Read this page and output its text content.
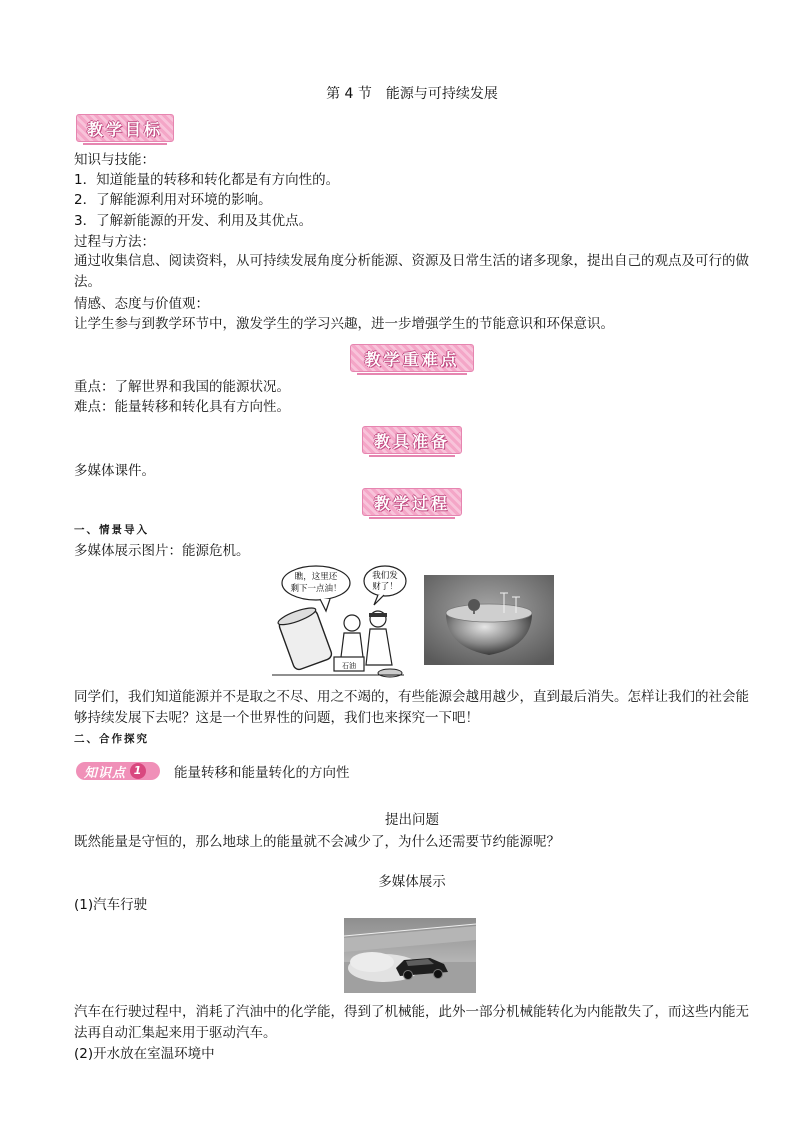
第 4 节　能源与可持续发展
教学目标
知识与技能：
1．知道能量的转移和转化都是有方向性的。
2．了解能源利用对环境的影响。
3．了解新能源的开发、利用及其优点。
过程与方法：
通过收集信息、阅读资料，从可持续发展角度分析能源、资源及日常生活的诸多现象，提出自己的观点及可行的做法。
情感、态度与价值观：
让学生参与到教学环节中，激发学生的学习兴趣，进一步增强学生的节能意识和环保意识。
教学重难点
重点：了解世界和我国的能源状况。
难点：能量转移和转化具有方向性。
教具准备
多媒体课件。
教学过程
一、情景导入
多媒体展示图片：能源危机。
瞧，这里还
剩下一点油！
我们发
财了！
石油
同学们，我们知道能源并不是取之不尽、用之不竭的，有些能源会越用越少，直到最后消失。怎样让我们的社会能够持续发展下去呢？这是一个世界性的问题，我们也来探究一下吧！
二、合作探究
知识点 1 能量转移和能量转化的方向性
提出问题
既然能量是守恒的，那么地球上的能量就不会减少了，为什么还需要节约能源呢？
多媒体展示
(1)汽车行驶
汽车在行驶过程中，消耗了汽油中的化学能，得到了机械能，此外一部分机械能转化为内能散失了，而这些内能无法再自动汇集起来用于驱动汽车。
(2)开水放在室温环境中
